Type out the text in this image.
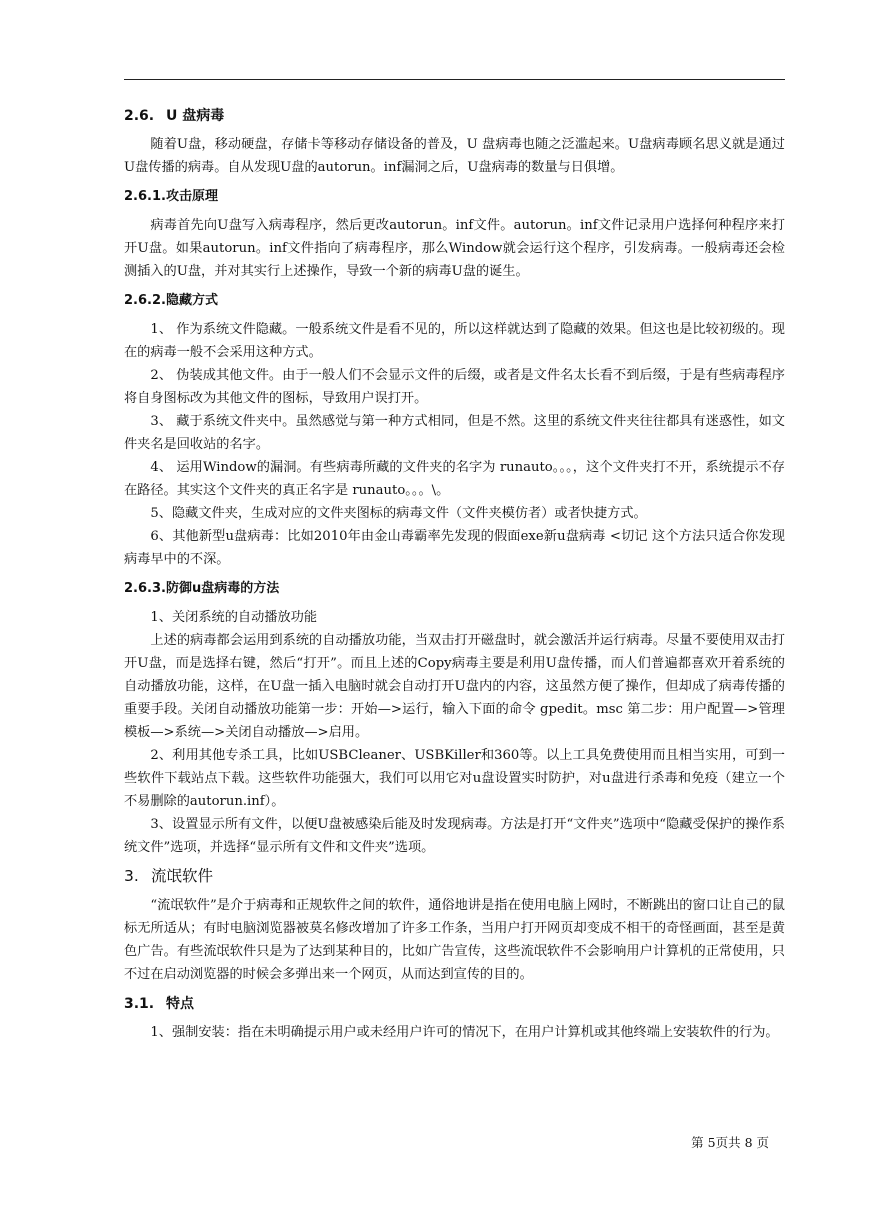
2.6. U 盘病毒

随着U盘，移动硬盘，存储卡等移动存储设备的普及，U 盘病毒也随之泛滥起来。U盘病毒顾名思义就是通过U盘传播的病毒。自从发现U盘的autorun。inf漏洞之后，U盘病毒的数量与日俱增。

2.6.1.攻击原理

病毒首先向U盘写入病毒程序，然后更改autorun。inf文件。autorun。inf文件记录用户选择何种程序来打开U盘。如果autorun。inf文件指向了病毒程序，那么Window就会运行这个程序，引发病毒。一般病毒还会检测插入的U盘，并对其实行上述操作，导致一个新的病毒U盘的诞生。

2.6.2.隐藏方式

1、 作为系统文件隐藏。一般系统文件是看不见的，所以这样就达到了隐藏的效果。但这也是比较初级的。现在的病毒一般不会采用这种方式。

2、 伪装成其他文件。由于一般人们不会显示文件的后缀，或者是文件名太长看不到后缀，于是有些病毒程序将自身图标改为其他文件的图标，导致用户误打开。

3、 藏于系统文件夹中。虽然感觉与第一种方式相同，但是不然。这里的系统文件夹往往都具有迷惑性，如文件夹名是回收站的名字。

4、 运用Window的漏洞。有些病毒所藏的文件夹的名字为 runauto。。。，这个文件夹打不开，系统提示不存在路径。其实这个文件夹的真正名字是 runauto。。。\。

5、隐藏文件夹，生成对应的文件夹图标的病毒文件（文件夹模仿者）或者快捷方式。

6、其他新型u盘病毒：比如2010年由金山毒霸率先发现的假面exe新u盘病毒 <切记 这个方法只适合你发现病毒早中的不深。

2.6.3.防御u盘病毒的方法

1、关闭系统的自动播放功能

上述的病毒都会运用到系统的自动播放功能，当双击打开磁盘时，就会激活并运行病毒。尽量不要使用双击打开U盘，而是选择右键，然后“打开”。而且上述的Copy病毒主要是利用U盘传播，而人们普遍都喜欢开着系统的自动播放功能，这样，在U盘一插入电脑时就会自动打开U盘内的内容，这虽然方便了操作，但却成了病毒传播的重要手段。关闭自动播放功能第一步：开始—>运行，输入下面的命令 gpedit。msc 第二步：用户配置—>管理模板—>系统—>关闭自动播放—>启用。

2、利用其他专杀工具，比如USBCleaner、USBKiller和360等。以上工具免费使用而且相当实用，可到一些软件下载站点下载。这些软件功能强大，我们可以用它对u盘设置实时防护，对u盘进行杀毒和免疫（建立一个不易删除的autorun.inf）。

3、设置显示所有文件，以便U盘被感染后能及时发现病毒。方法是打开“文件夹”选项中“隐藏受保护的操作系统文件”选项，并选择“显示所有文件和文件夹”选项。

3. 流氓软件

“流氓软件”是介于病毒和正规软件之间的软件，通俗地讲是指在使用电脑上网时，不断跳出的窗口让自己的鼠标无所适从；有时电脑浏览器被莫名修改增加了许多工作条，当用户打开网页却变成不相干的奇怪画面，甚至是黄色广告。有些流氓软件只是为了达到某种目的，比如广告宣传，这些流氓软件不会影响用户计算机的正常使用，只不过在启动浏览器的时候会多弹出来一个网页，从而达到宣传的目的。

3.1. 特点

1、强制安装：指在未明确提示用户或未经用户许可的情况下，在用户计算机或其他终端上安装软件的行为。

第 5页共 8 页
